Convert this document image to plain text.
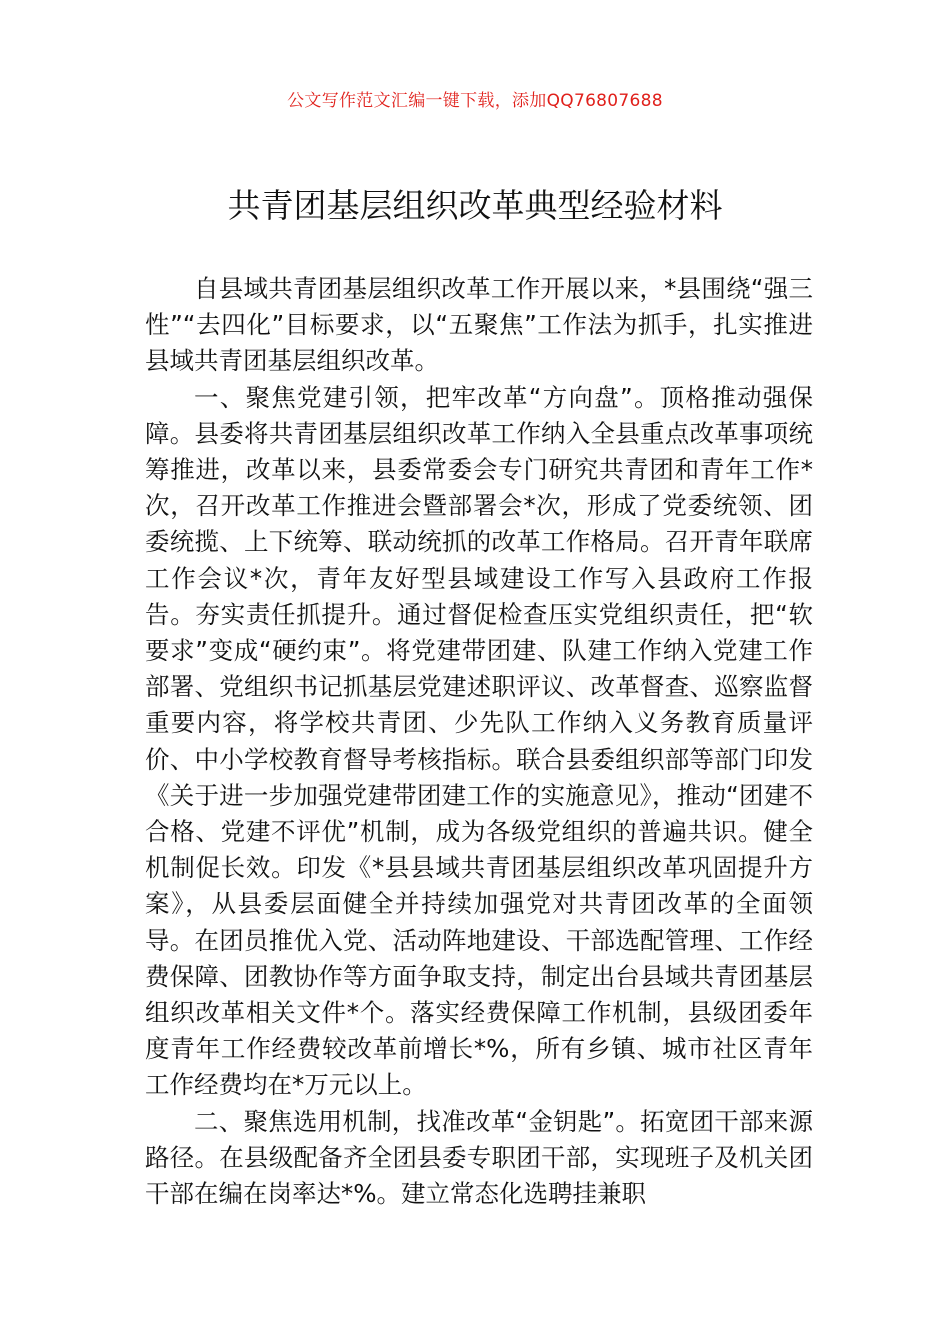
公文写作范文汇编一键下载，添加QQ76807688
共青团基层组织改革典型经验材料

自县域共青团基层组织改革工作开展以来，*县围绕“强三性”“去四化”目标要求，以“五聚焦”工作法为抓手，扎实推进县域共青团基层组织改革。

一、聚焦党建引领，把牢改革“方向盘”。顶格推动强保障。县委将共青团基层组织改革工作纳入全县重点改革事项统筹推进，改革以来，县委常委会专门研究共青团和青年工作*次，召开改革工作推进会暨部署会*次，形成了党委统领、团委统揽、上下统筹、联动统抓的改革工作格局。召开青年联席工作会议*次，青年友好型县域建设工作写入县政府工作报告。夯实责任抓提升。通过督促检查压实党组织责任，把“软要求”变成“硬约束”。将党建带团建、队建工作纳入党建工作部署、党组织书记抓基层党建述职评议、改革督查、巡察监督重要内容，将学校共青团、少先队工作纳入义务教育质量评价、中小学校教育督导考核指标。联合县委组织部等部门印发《关于进一步加强党建带团建工作的实施意见》，推动“团建不合格、党建不评优”机制，成为各级党组织的普遍共识。健全机制促长效。印发《*县县域共青团基层组织改革巩固提升方案》，从县委层面健全并持续加强党对共青团改革的全面领导。在团员推优入党、活动阵地建设、干部选配管理、工作经费保障、团教协作等方面争取支持，制定出台县域共青团基层组织改革相关文件*个。落实经费保障工作机制，县级团委年度青年工作经费较改革前增长*%，所有乡镇、城市社区青年工作经费均在*万元以上。

二、聚焦选用机制，找准改革“金钥匙”。拓宽团干部来源路径。在县级配备齐全团县委专职团干部，实现班子及机关团干部在编在岗率达*%。建立常态化选聘挂兼职
